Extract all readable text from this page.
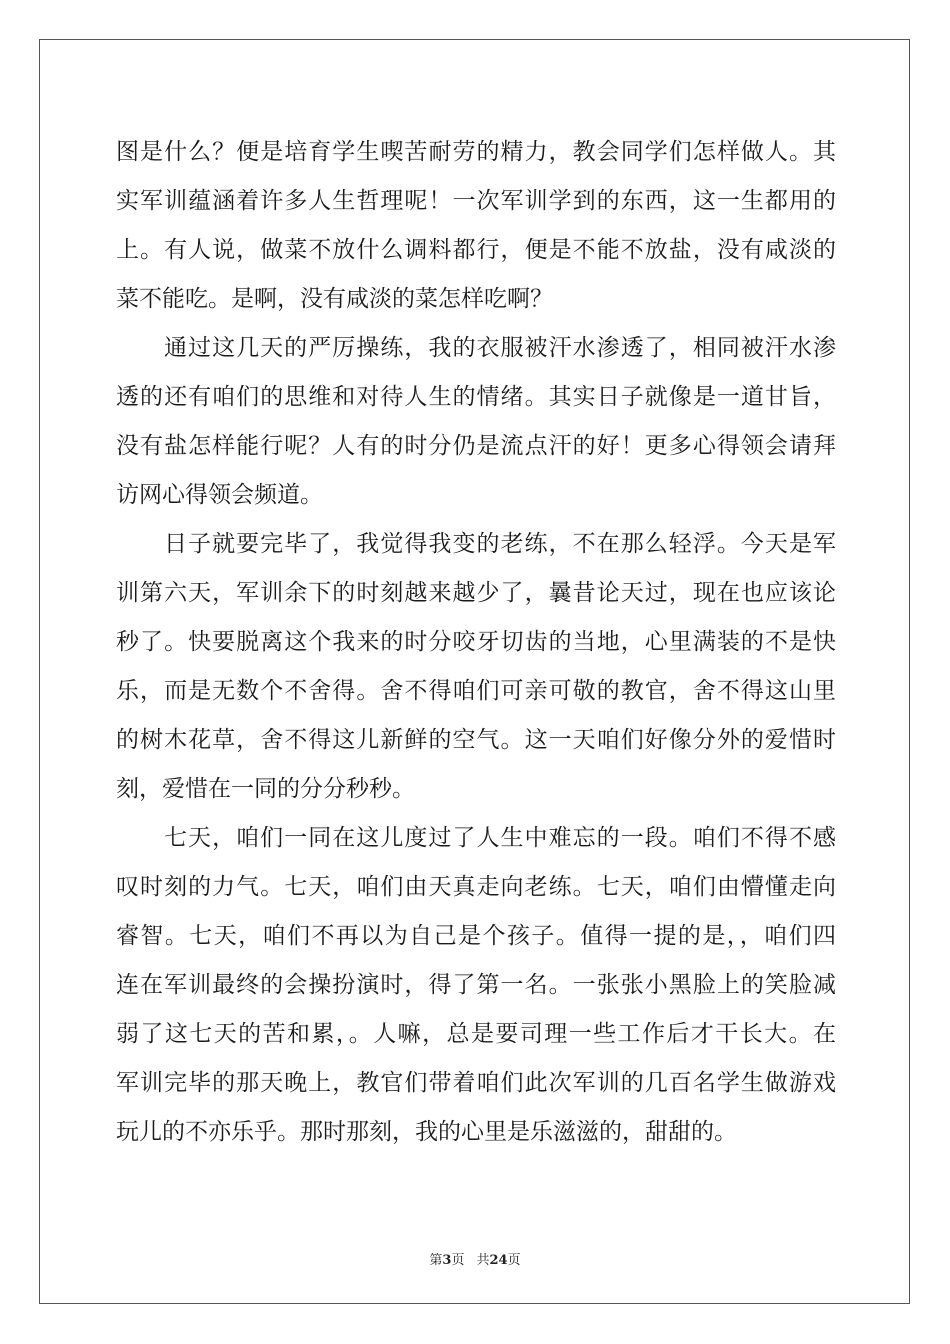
图是什么？便是培育学生喫苦耐劳的精力，教会同学们怎样做人。其
实军训蕴涵着许多人生哲理呢！一次军训学到的东西，这一生都用的
上。有人说，做菜不放什么调料都行，便是不能不放盐，没有咸淡的
菜不能吃。是啊，没有咸淡的菜怎样吃啊？
通过这几天的严厉操练，我的衣服被汗水渗透了，相同被汗水渗
透的还有咱们的思维和对待人生的情绪。其实日子就像是一道甘旨，
没有盐怎样能行呢？人有的时分仍是流点汗的好！更多心得领会请拜
访网心得领会频道。
日子就要完毕了，我觉得我变的老练，不在那么轻浮。今天是军
训第六天，军训余下的时刻越来越少了，曩昔论天过，现在也应该论
秒了。快要脱离这个我来的时分咬牙切齿的当地，心里满装的不是快
乐，而是无数个不舍得。舍不得咱们可亲可敬的教官，舍不得这山里
的树木花草，舍不得这儿新鲜的空气。这一天咱们好像分外的爱惜时
刻，爱惜在一同的分分秒秒。
七天，咱们一同在这儿度过了人生中难忘的一段。咱们不得不感
叹时刻的力气。七天，咱们由天真走向老练。七天，咱们由懵懂走向
睿智。七天，咱们不再以为自己是个孩子。值得一提的是，，咱们四
连在军训最终的会操扮演时，得了第一名。一张张小黑脸上的笑脸减
弱了这七天的苦和累，。人嘛，总是要司理一些工作后才干长大。在
军训完毕的那天晚上，教官们带着咱们此次军训的几百名学生做游戏
玩儿的不亦乐乎。那时那刻，我的心里是乐滋滋的，甜甜的。
第3页 共24页
